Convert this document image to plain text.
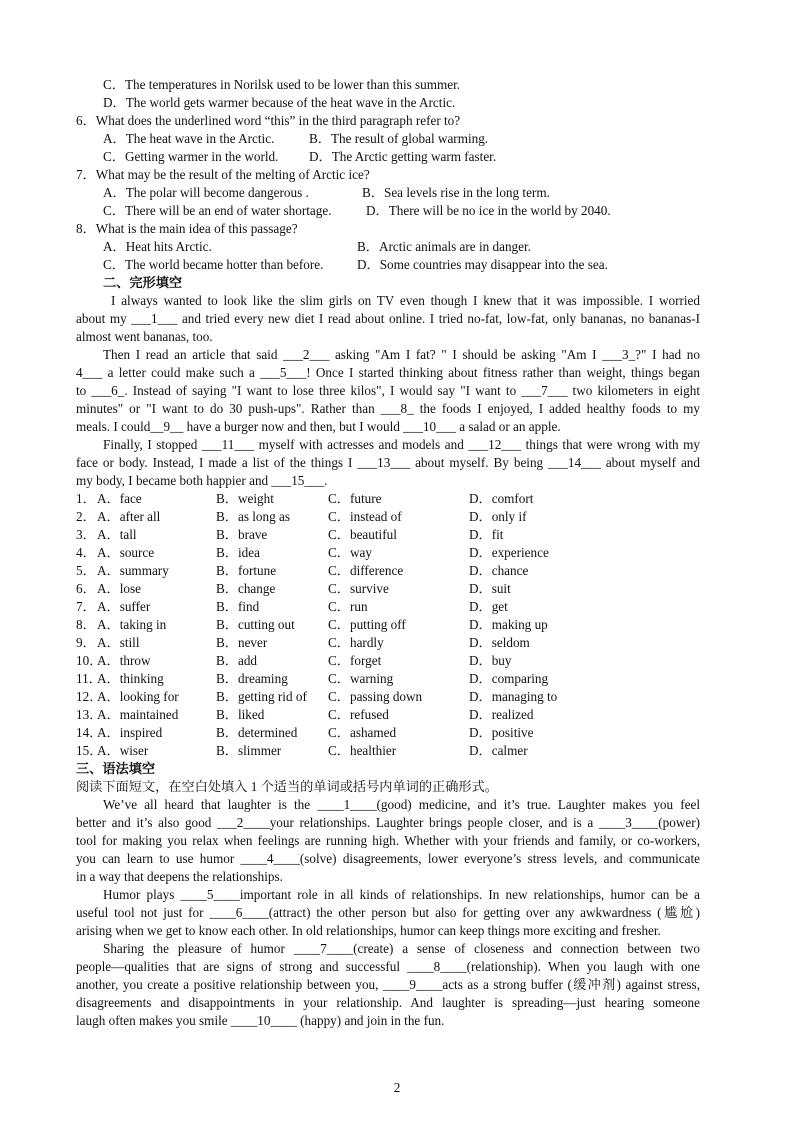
C．The temperatures in Norilsk used to be lower than this summer.
D．The world gets warmer because of the heat wave in the Arctic.
6．What does the underlined word “this” in the third paragraph refer to?
A．The heat wave in the Arctic.	B．The result of global warming.
C．Getting warmer in the world. D．The Arctic getting warm faster.
7．What may be the result of the melting of Arctic ice?
A．The polar will become dangerous .	B．Sea levels rise in the long term.
C．There will be an end of water shortage.	D．There will be no ice in the world by 2040.
8．What is the main idea of this passage?
A．Heat hits Arctic.	B．Arctic animals are in danger.
C．The world became hotter than before.	D．Some countries may disappear into the sea.
二、完形填空
I always wanted to look like the slim girls on TV even though I knew that it was impossible. I worried
about my ___1___ and tried every new diet I read about online. I tried no-fat, low-fat, only bananas, no bananas-I
almost went bananas, too.
Then I read an article that said ___2___ asking "Am I fat? " I should be asking "Am I ___3_?" I had no
4___ a letter could make such a ___5___! Once I started thinking about fitness rather than weight, things began
to ___6_. Instead of saying "I want to lose three kilos", I would say "I want to ___7___ two kilometers in eight
minutes" or "I want to do 30 push-ups". Rather than ___8_ the foods I enjoyed, I added healthy foods to my
meals. I could__9__ have a burger now and then, but I would ___10___ a salad or an apple.
Finally, I stopped ___11___ myself with actresses and models and ___12___ things that were wrong with my
face or body. Instead, I made a list of the things I ___13___ about myself. By being ___14___ about myself and
my body, I became both happier and ___15___.
1． A．face	B．weight	C．future	D．comfort
2． A．after all	B．as long as	C．instead of	D．only if
3． A．tall	B．brave	C．beautiful	D．fit
4． A．source	B．idea	C．way	D．experience
5． A．summary	B．fortune	C．difference	D．chance
6． A．lose	B．change	C．survive	D．suit
7． A．suffer	B．find	C．run	D．get
8． A．taking in	B．cutting out	C．putting off	D．making up
9． A．still	B．never	C．hardly	D．seldom
10．
A．throw	B．add	C．forget	D．buy
11．
A．thinking	B．dreaming	C．warning	D．comparing
12．
A．looking for	B．getting rid of C．passing down	D．managing to
13．
A．maintained	B．liked	C．refused	D．realized
14．
A．inspired	B．determined C．ashamed	D．positive
15．
A．wiser	B．slimmer	C．healthier	D．calmer
三、语法填空
阅读下面短文，在空白处填入 1 个适当的单词或括号内单词的正确形式。
We’ve all heard that laughter is the ____1____(good) medicine, and it’s true. Laughter makes you feel
better and it’s also good ___2____your relationships. Laughter brings people closer, and is a ____3____(power)
tool for making you relax when feelings are running high. Whether with your friends and family, or co-workers,
you can learn to use humor ____4____(solve) disagreements, lower everyone’s stress levels, and communicate
in a way that deepens the relationships.
Humor plays ____5____important role in all kinds of relationships. In new relationships, humor can be a
useful tool not just for ____6____(attract) the other person but also for getting over any awkwardness (尴尬)
arising when we get to know each other. In old relationships, humor can keep things more exciting and fresher.
Sharing the pleasure of humor ____7____(create) a sense of closeness and connection between two
people—qualities that are signs of strong and successful ____8____(relationship). When you laugh with one
another, you create a positive relationship between you, ____9____acts as a strong buffer (缓冲剂) against stress,
disagreements and disappointments in your relationship. And laughter is spreading—just hearing someone
laugh often makes you smile ____10____ (happy) and join in the fun.
2
